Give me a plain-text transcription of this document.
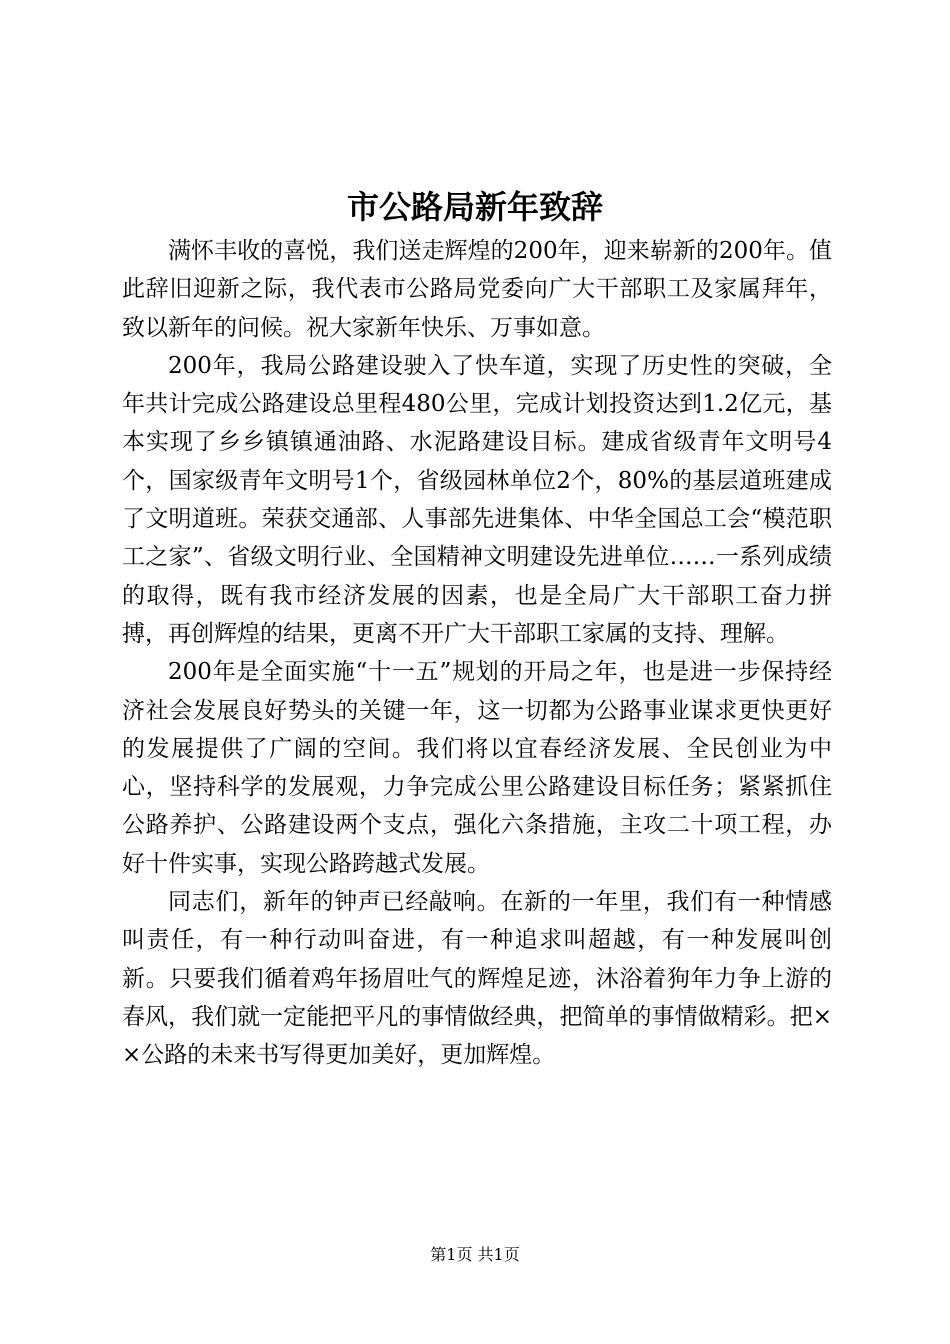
市公路局新年致辞

满怀丰收的喜悦，我们送走辉煌的200年，迎来崭新的200年。值此辞旧迎新之际，我代表市公路局党委向广大干部职工及家属拜年，致以新年的问候。祝大家新年快乐、万事如意。

200年，我局公路建设驶入了快车道，实现了历史性的突破，全年共计完成公路建设总里程480公里，完成计划投资达到1.2亿元，基本实现了乡乡镇镇通油路、水泥路建设目标。建成省级青年文明号4个，国家级青年文明号1个，省级园林单位2个，80%的基层道班建成了文明道班。荣获交通部、人事部先进集体、中华全国总工会“模范职工之家”、省级文明行业、全国精神文明建设先进单位……一系列成绩的取得，既有我市经济发展的因素，也是全局广大干部职工奋力拼搏，再创辉煌的结果，更离不开广大干部职工家属的支持、理解。

200年是全面实施“十一五”规划的开局之年，也是进一步保持经济社会发展良好势头的关键一年，这一切都为公路事业谋求更快更好的发展提供了广阔的空间。我们将以宜春经济发展、全民创业为中心，坚持科学的发展观，力争完成公里公路建设目标任务；紧紧抓住公路养护、公路建设两个支点，强化六条措施，主攻二十项工程，办好十件实事，实现公路跨越式发展。

同志们，新年的钟声已经敲响。在新的一年里，我们有一种情感叫责任，有一种行动叫奋进，有一种追求叫超越，有一种发展叫创新。只要我们循着鸡年扬眉吐气的辉煌足迹，沐浴着狗年力争上游的春风，我们就一定能把平凡的事情做经典，把简单的事情做精彩。把××公路的未来书写得更加美好，更加辉煌。

第1页 共1页
